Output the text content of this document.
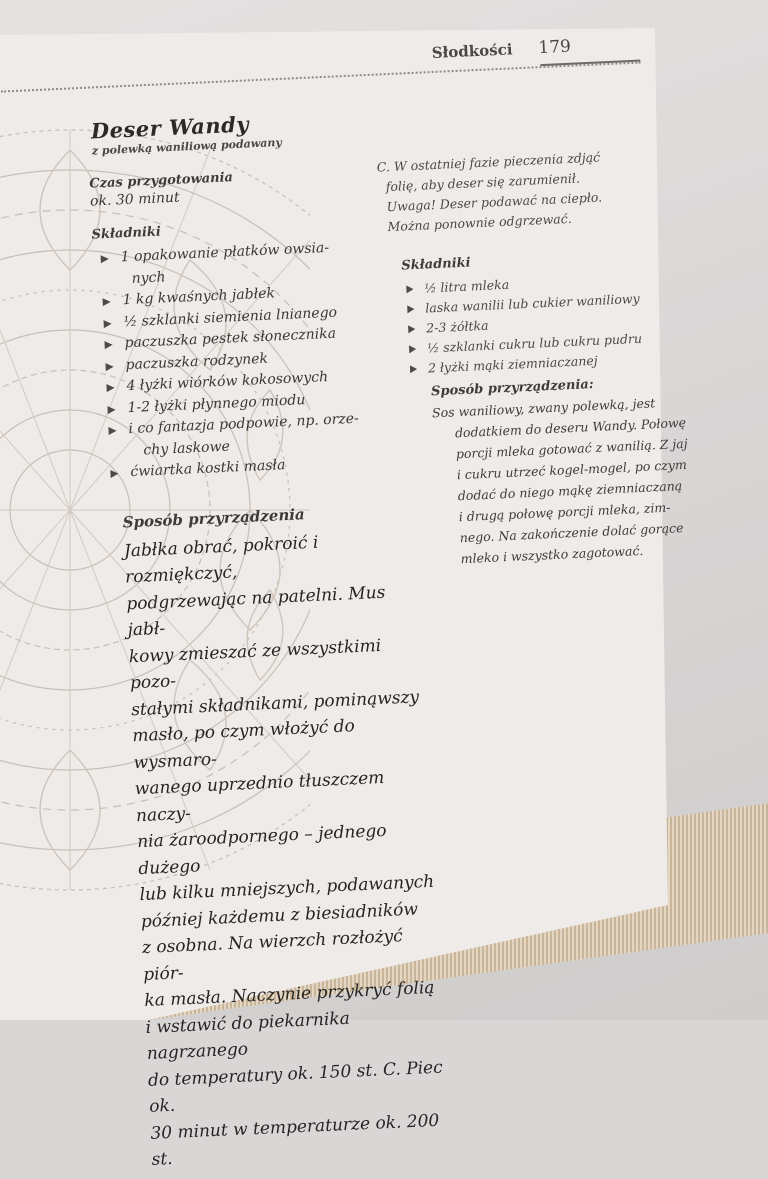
Słodkości 179
Deser Wandy
z polewką waniliową podawany
Czas przygotowania
ok. 30 minut
Składniki
1 opakowanie płatków owsia-
nych
1 kg kwaśnych jabłek
½ szklanki siemienia lnianego
paczuszka pestek słonecznika
paczuszka rodzynek
4 łyżki wiórków kokosowych
1-2 łyżki płynnego miodu
i co fantazja podpowie, np. orze-
chy laskowe
ćwiartka kostki masła
Sposób przyrządzenia
Jabłka obrać, pokroić i rozmiękczyć,
podgrzewając na patelni. Mus jabł-
kowy zmieszać ze wszystkimi pozo-
stałymi składnikami, pominąwszy
masło, po czym włożyć do wysmaro-
wanego uprzednio tłuszczem naczy-
nia żaroodpornego – jednego dużego
lub kilku mniejszych, podawanych
później każdemu z biesiadników
z osobna. Na wierzch rozłożyć piór-
ka masła. Naczynie przykryć folią
i wstawić do piekarnika nagrzanego
do temperatury ok. 150 st. C. Piec ok.
30 minut w temperaturze ok. 200 st.
C. W ostatniej fazie pieczenia zdjąć
folię, aby deser się zarumienił.
Uwaga! Deser podawać na ciepło.
Można ponownie odgrzewać.
Składniki
½ litra mleka
laska wanilii lub cukier waniliowy
2-3 żółtka
½ szklanki cukru lub cukru pudru
2 łyżki mąki ziemniaczanej
Sposób przyrządzenia:
Sos waniliowy, zwany polewką, jest
dodatkiem do deseru Wandy. Połowę
porcji mleka gotować z wanilią. Z jaj
i cukru utrzeć kogel-mogel, po czym
dodać do niego mąkę ziemniaczaną
i drugą połowę porcji mleka, zim-
nego. Na zakończenie dolać gorące
mleko i wszystko zagotować.
